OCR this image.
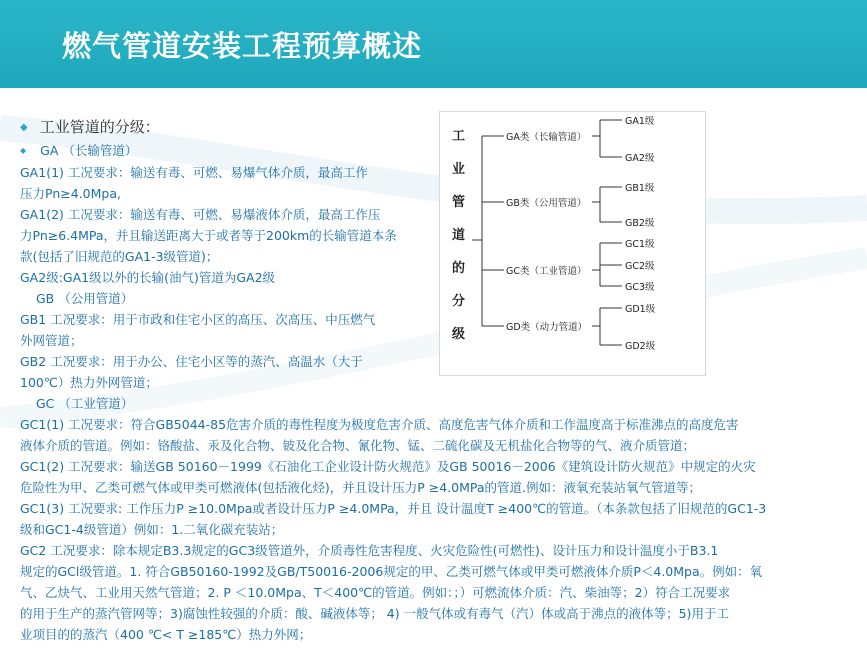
燃气管道安装工程预算概述
◆ 工业管道的分级：
◆ GA （长输管道）
GA1(1) 工况要求：输送有毒、可燃、易爆气体介质，最高工作
压力Pn≥4.0Mpa,
GA1(2) 工况要求：输送有毒、可燃、易爆液体介质，最高工作压
力Pn≥6.4MPa，并且输送距离大于或者等于200km的长输管道本条
款(包括了旧规范的GA1-3级管道)；
GA2级:GA1级以外的长输(油气)管道为GA2级
GB （公用管道）
GB1 工况要求：用于市政和住宅小区的高压、次高压、中压燃气
外网管道；
GB2 工况要求：用于办公、住宅小区等的蒸汽、高温水（大于
100℃）热力外网管道；
GC （工业管道）
GC1(1) 工况要求：符合GB5044-85危害介质的毒性程度为极度危害介质、高度危害气体介质和工作温度高于标准沸点的高度危害
液体介质的管道。例如：铬酸盐、汞及化合物、铍及化合物、氰化物、锰、二硫化碳及无机盐化合物等的气、液介质管道；
GC1(2) 工况要求：输送GB 50160－1999《石油化工企业设计防火规范》及GB 50016－2006《建筑设计防火规范》中规定的火灾
危险性为甲、乙类可燃气体或甲类可燃液体(包括液化烃)，并且设计压力P ≥4.0MPa的管道.例如：液氧充装站氧气管道等；
GC1(3) 工况要求: 工作压力P ≥10.0Mpa或者设计压力P ≥4.0MPa，并且 设计温度T ≥400℃的管道。（本条款包括了旧规范的GC1-3
级和GC1-4级管道）例如：1.二氧化碳充装站；
GC2 工况要求：除本规定B3.3规定的GC3级管道外，介质毒性危害程度、火灾危险性(可燃性)、设计压力和设计温度小于B3.1
规定的GCl级管道。1. 符合GB50160-1992及GB/T50016-2006规定的甲、乙类可燃气体或甲类可燃液体介质P＜4.0Mpa。例如：氧
气、乙炔气、工业用天然气管道；2. P ＜10.0Mpa、T＜400℃的管道。例如：；）可燃流体介质：汽、柴油等；2）符合工况要求
的用于生产的蒸汽管网等；3)腐蚀性较强的介质：酸、碱液体等； 4) 一般气体或有毒气（汽）体或高于沸点的液体等；5)用于工
业项目的的蒸汽（400 ℃< T ≥185℃）热力外网；
工
业
管
道
的
分
级
GA类（长输管道）
GA1级
GA2级
GB类（公用管道）
GB1级
GB2级
GC类（工业管道）
GC1级
GC2级
GC3级
GD类（动力管道）
GD1级
GD2级
